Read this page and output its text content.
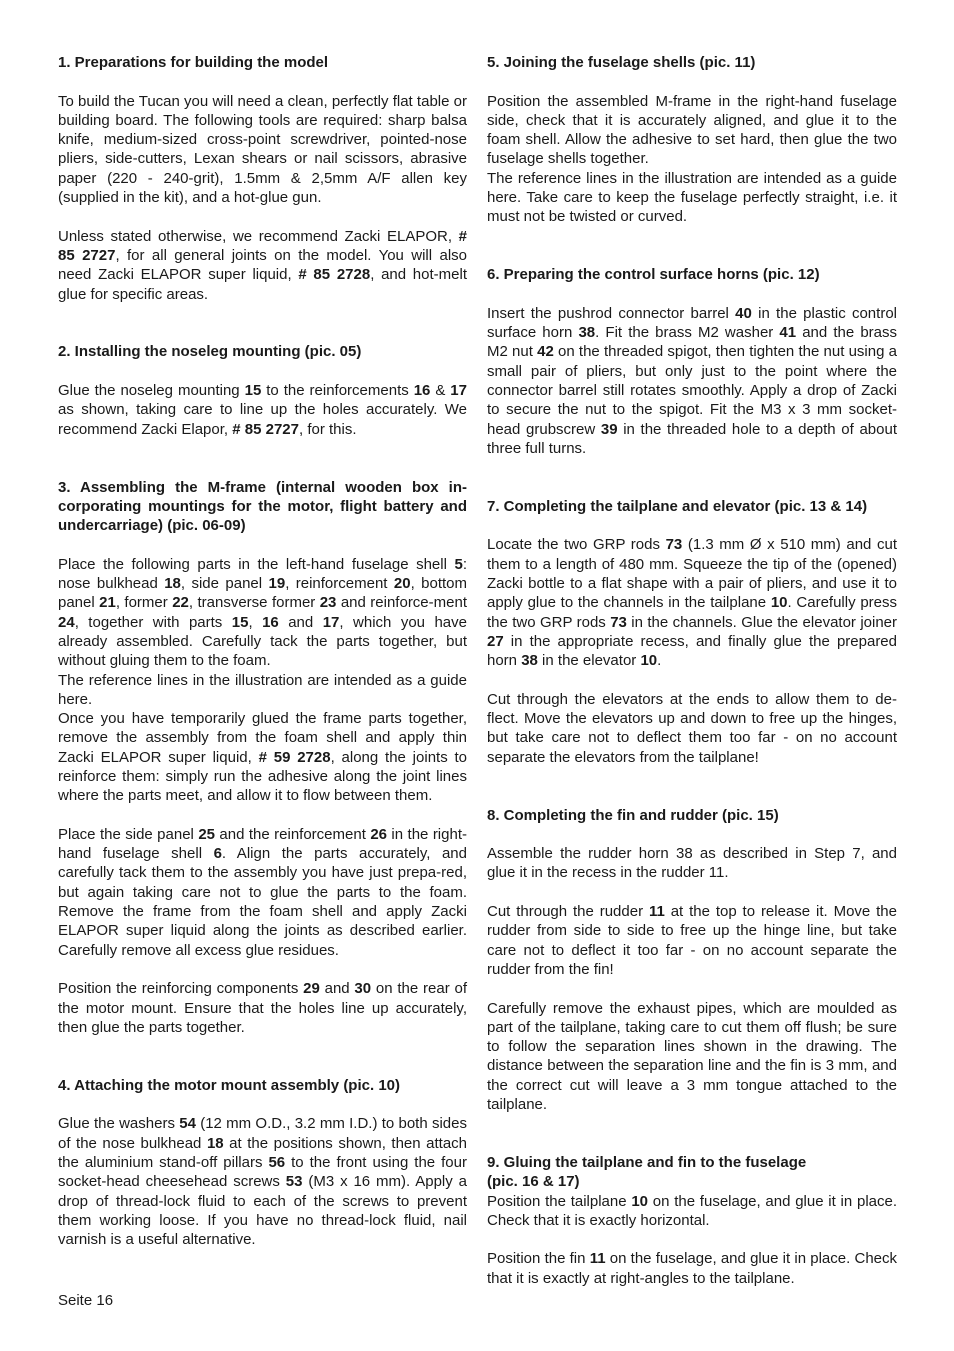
1. Preparations for building the model

To build the Tucan you will need a clean, perfectly flat table or building board. The following tools are required: sharp balsa knife, medium-sized cross-point screwdriver, pointed-nose pliers, side-cutters, Lexan shears or nail scissors, abrasive paper (220 - 240-grit), 1.5mm & 2,5mm A/F allen key (supplied in the kit), and a hot-glue gun.

Unless stated otherwise, we recommend Zacki ELAPOR, # 85 2727, for all general joints on the model. You will also need Zacki ELAPOR super liquid, # 85 2728, and hot-melt glue for specific areas.

2. Installing the noseleg mounting (pic. 05)

Glue the noseleg mounting 15 to the reinforcements 16 & 17 as shown, taking care to line up the holes accurately. We recommend Zacki Elapor, # 85 2727, for this.

3. Assembling the M-frame (internal wooden box in-corporating mountings for the motor, flight battery and undercarriage) (pic. 06-09)

Place the following parts in the left-hand fuselage shell 5: nose bulkhead 18, side panel 19, reinforcement 20, bottom panel 21, former 22, transverse former 23 and reinforce-ment 24, together with parts 15, 16 and 17, which you have already assembled. Carefully tack the parts together, but without gluing them to the foam.

The reference lines in the illustration are intended as a guide here.

Once you have temporarily glued the frame parts together, remove the assembly from the foam shell and apply thin Zacki ELAPOR super liquid, # 59 2728, along the joints to reinforce them: simply run the adhesive along the joint lines where the parts meet, and allow it to flow between them.

Place the side panel 25 and the reinforcement 26 in the right-hand fuselage shell 6. Align the parts accurately, and carefully tack them to the assembly you have just prepa-red, but again taking care not to glue the parts to the foam. Remove the frame from the foam shell and apply Zacki ELAPOR super liquid along the joints as described earlier. Carefully remove all excess glue residues.

Position the reinforcing components 29 and 30 on the rear of the motor mount. Ensure that the holes line up accurately, then glue the parts together.

4. Attaching the motor mount assembly (pic. 10)

Glue the washers 54 (12 mm O.D., 3.2 mm I.D.) to both sides of the nose bulkhead 18 at the positions shown, then attach the aluminium stand-off pillars 56 to the front using the four socket-head cheesehead screws 53 (M3 x 16 mm). Apply a drop of thread-lock fluid to each of the screws to prevent them working loose. If you have no thread-lock fluid, nail varnish is a useful alternative.

5. Joining the fuselage shells (pic. 11)

Position the assembled M-frame in the right-hand fuselage side, check that it is accurately aligned, and glue it to the foam shell. Allow the adhesive to set hard, then glue the two fuselage shells together.

The reference lines in the illustration are intended as a guide here. Take care to keep the fuselage perfectly straight, i.e. it must not be twisted or curved.

6. Preparing the control surface horns (pic. 12)

Insert the pushrod connector barrel 40 in the plastic control surface horn 38. Fit the brass M2 washer 41 and the brass M2 nut 42 on the threaded spigot, then tighten the nut using a small pair of pliers, but only just to the point where the connector barrel still rotates smoothly. Apply a drop of Zacki to secure the nut to the spigot. Fit the M3 x 3 mm socket-head grubscrew 39 in the threaded hole to a depth of about three full turns.

7. Completing the tailplane and elevator (pic. 13 & 14)

Locate the two GRP rods 73 (1.3 mm Ø x 510 mm) and cut them to a length of 480 mm. Squeeze the tip of the (opened) Zacki bottle to a flat shape with a pair of pliers, and use it to apply glue to the channels in the tailplane 10. Carefully press the two GRP rods 73 in the channels. Glue the elevator joiner 27 in the appropriate recess, and finally glue the prepared horn 38 in the elevator 10.

Cut through the elevators at the ends to allow them to de-flect. Move the elevators up and down to free up the hinges, but take care not to deflect them too far - on no account separate the elevators from the tailplane!

8. Completing the fin and rudder (pic. 15)

Assemble the rudder horn 38 as described in Step 7, and glue it in the recess in the rudder 11.

Cut through the rudder 11 at the top to release it. Move the rudder from side to side to free up the hinge line, but take care not to deflect it too far - on no account separate the rudder from the fin!

Carefully remove the exhaust pipes, which are moulded as part of the tailplane, taking care to cut them off flush; be sure to follow the separation lines shown in the drawing. The distance between the separation line and the fin is 3 mm, and the correct cut will leave a 3 mm tongue attached to the tailplane.

9. Gluing the tailplane and fin to the fuselage
(pic. 16 & 17)

Position the tailplane 10 on the fuselage, and glue it in place. Check that it is exactly horizontal.

Position the fin 11 on the fuselage, and glue it in place. Check that it is exactly at right-angles to the tailplane.

Seite 16
